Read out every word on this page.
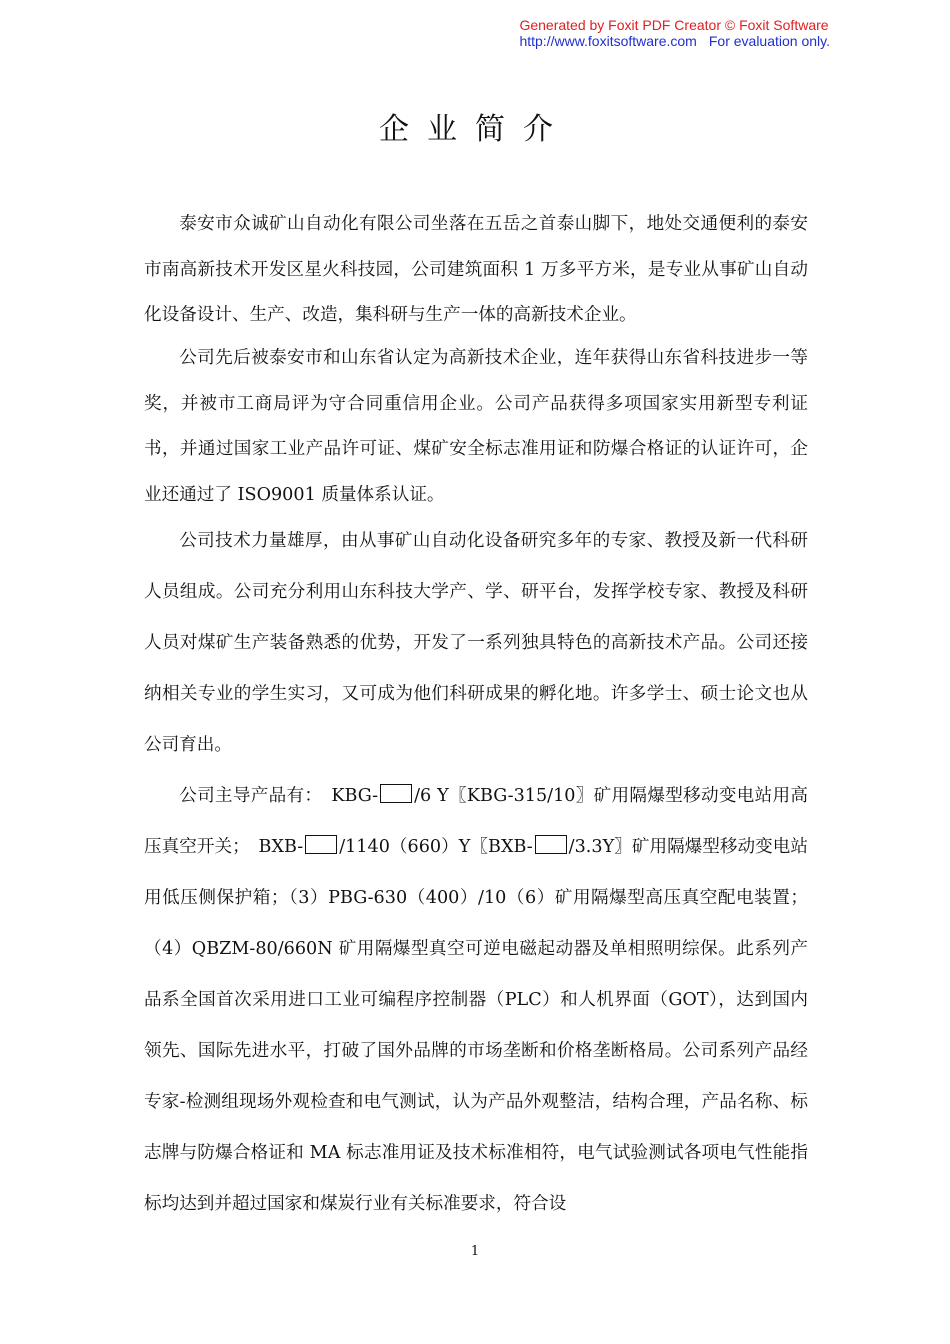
Generated by Foxit PDF Creator © Foxit Software
http://www.foxitsoftware.com For evaluation only.
企业简介

泰安市众诚矿山自动化有限公司坐落在五岳之首泰山脚下，地处交通便利的泰安市南高新技术开发区星火科技园，公司建筑面积 1 万多平方米，是专业从事矿山自动化设备设计、生产、改造，集科研与生产一体的高新技术企业。

公司先后被泰安市和山东省认定为高新技术企业，连年获得山东省科技进步一等奖，并被市工商局评为守合同重信用企业。公司产品获得多项国家实用新型专利证书，并通过国家工业产品许可证、煤矿安全标志准用证和防爆合格证的认证许可，企业还通过了 ISO9001 质量体系认证。

公司技术力量雄厚，由从事矿山自动化设备研究多年的专家、教授及新一代科研人员组成。公司充分利用山东科技大学产、学、研平台，发挥学校专家、教授及科研人员对煤矿生产装备熟悉的优势，开发了一系列独具特色的高新技术产品。公司还接纳相关专业的学生实习，又可成为他们科研成果的孵化地。许多学士、硕士论文也从公司育出。

公司主导产品有：　KBG- /6 Y〖KBG-315/10〗矿用隔爆型移动变电站用高压真空开关；　BXB- /1140（660）Y〖BXB- /3.3Y〗矿用隔爆型移动变电站用低压侧保护箱；（3）PBG-630（400）/10（6）矿用隔爆型高压真空配电装置；（4）QBZM-80/660N 矿用隔爆型真空可逆电磁起动器及单相照明综保。此系列产品系全国首次采用进口工业可编程序控制器（PLC）和人机界面（GOT），达到国内领先、国际先进水平，打破了国外品牌的市场垄断和价格垄断格局。公司系列产品经专家-检测组现场外观检查和电气测试，认为产品外观整洁，结构合理，产品名称、标志牌与防爆合格证和 MA 标志准用证及技术标准相符，电气试验测试各项电气性能指标均达到并超过国家和煤炭行业有关标准要求，符合设

1
